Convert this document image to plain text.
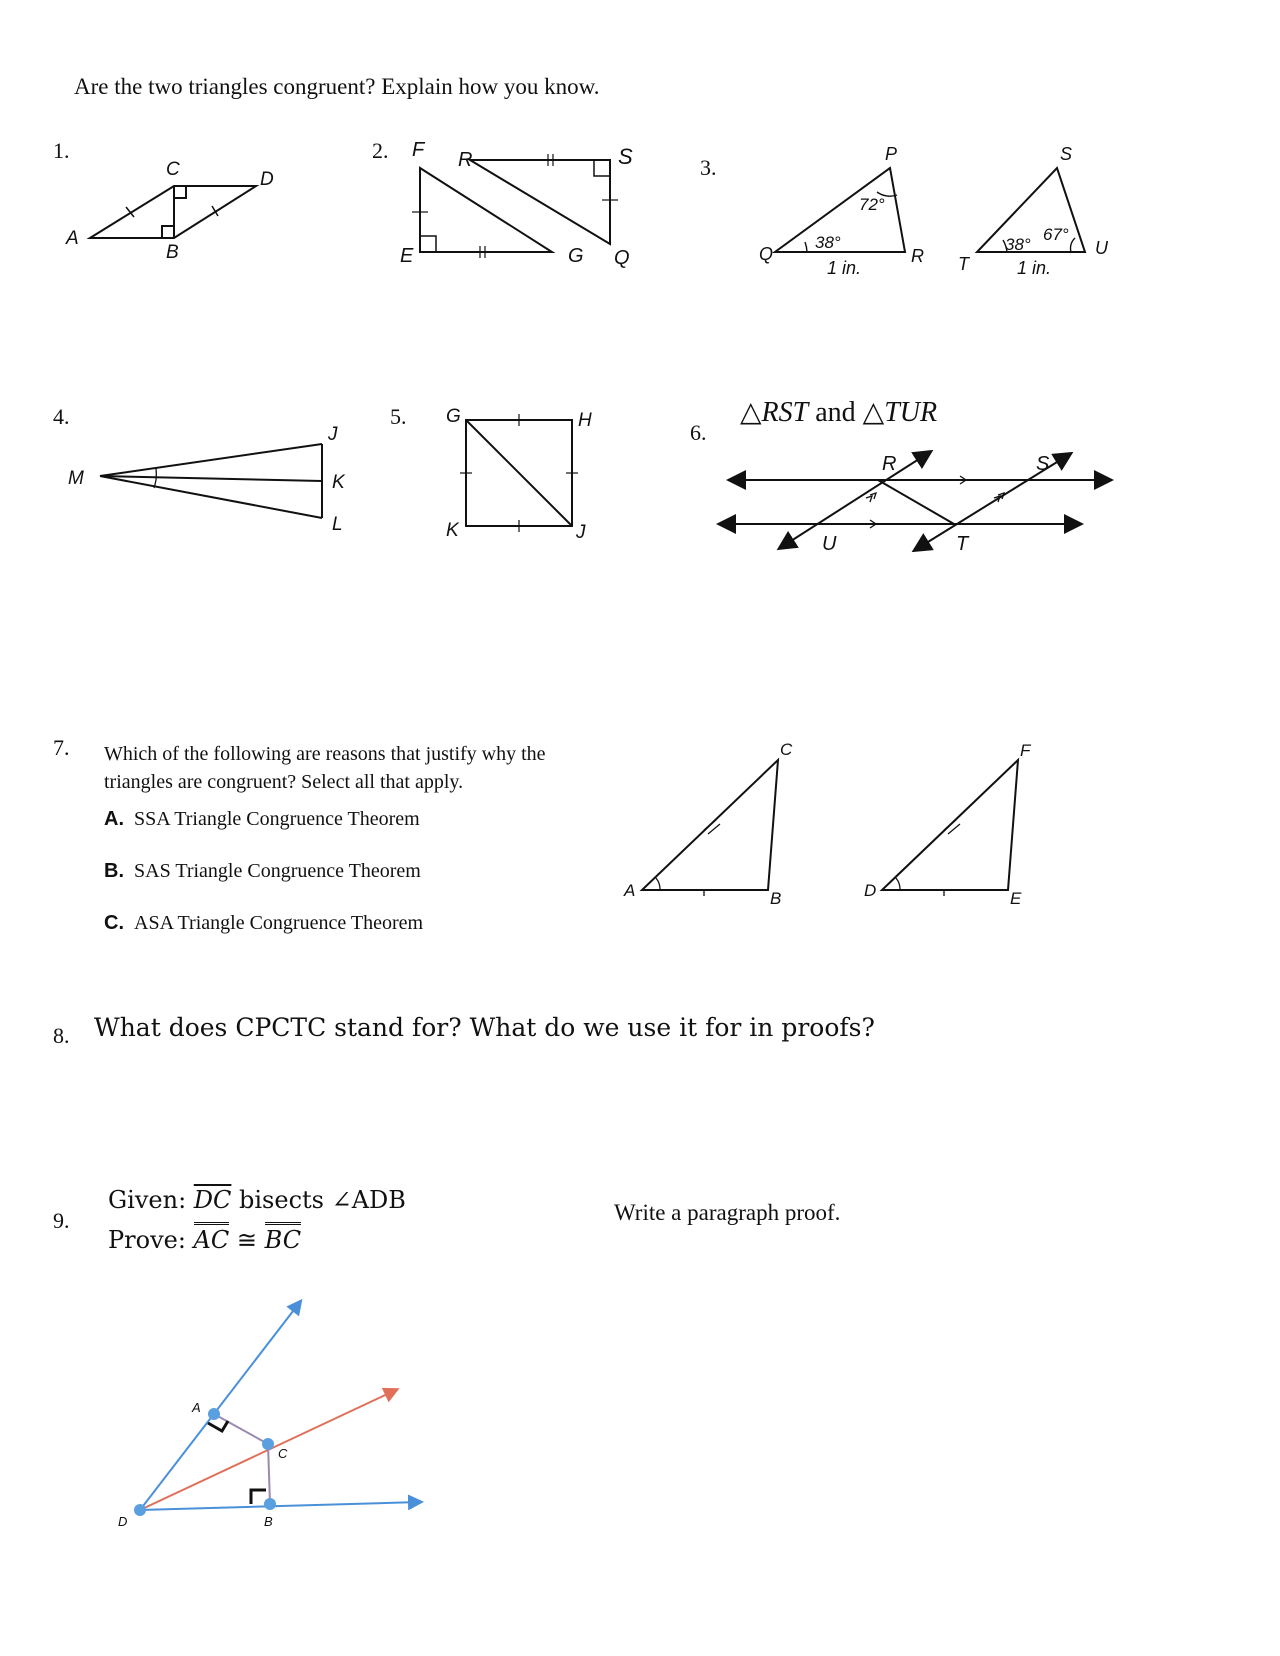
Are the two triangles congruent? Explain how you know.
1.
C	D
A
B
2. F R	S
E	G Q
3.
P
Q	R
S
T
U
72°
38°	38°
67°
1 in.	1 in.
4.
M
J
K
L
5. G	H
K	J
6.
△RST and △TUR
R	S
U	T
7. Which of the following are reasons that justify why the triangles are congruent? Select all that apply.
A. SSA Triangle Congruence Theorem
B. SAS Triangle Congruence Theorem
C. ASA Triangle Congruence Theorem
C
A	B
F
D	E
8. What does CPCTC stand for? What do we use it for in proofs?
9.
Given: $\overline{DC}$ bisects ∠ADB
Prove: AC ≅ BC
Write a paragraph proof.
A
C
D	B
